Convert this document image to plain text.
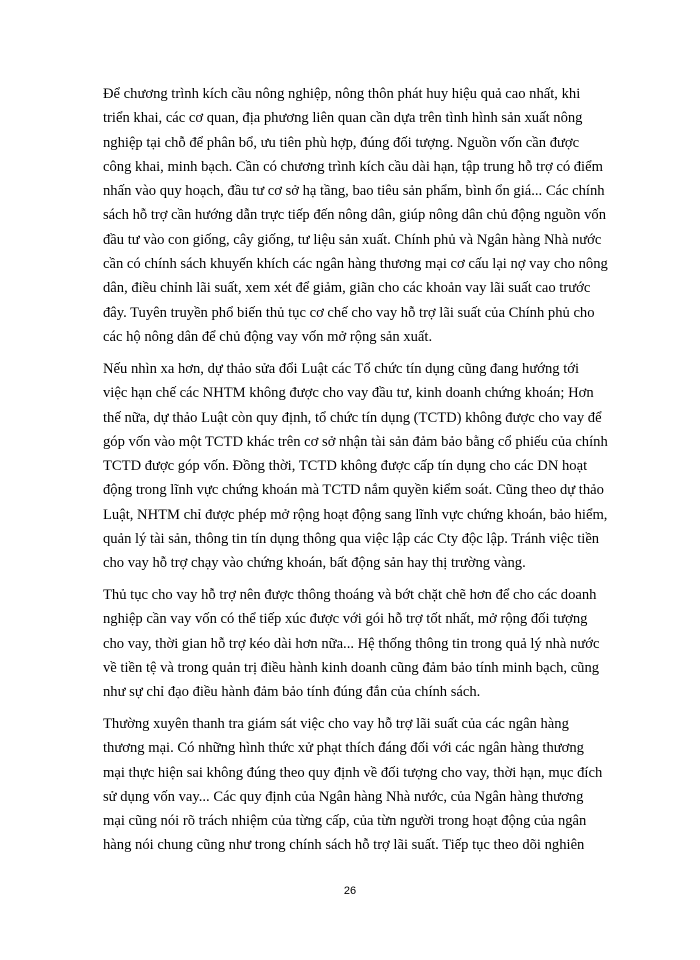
Để chương trình kích cầu nông nghiệp, nông thôn phát huy hiệu quả cao nhất, khi
triển khai, các cơ quan, địa phương liên quan cần dựa trên tình hình sản xuất nông
nghiệp tại chỗ để phân bổ, ưu tiên phù hợp, đúng đối tượng. Nguồn vốn cần được
công khai, minh bạch. Cần có chương trình kích cầu dài hạn, tập trung hỗ trợ có điểm
nhấn vào quy hoạch, đầu tư cơ sở hạ tầng, bao tiêu sản phẩm, bình ổn giá... Các chính
sách hỗ trợ cần hướng dẫn trực tiếp đến nông dân, giúp nông dân chủ động nguồn vốn
đầu tư vào con giống, cây giống, tư liệu sản xuất. Chính phủ và Ngân hàng Nhà nước
cần có chính sách khuyến khích các ngân hàng thương mại cơ cấu lại nợ vay cho nông
dân, điều chỉnh lãi suất, xem xét để giảm, giãn cho các khoản vay lãi suất cao trước
đây. Tuyên truyền phổ biến thủ tục cơ chế cho vay hỗ trợ lãi suất của Chính phủ cho
các hộ nông dân để chủ động vay vốn mở rộng sản xuất.
Nếu nhìn xa hơn, dự thảo sửa đổi Luật các Tổ chức tín dụng cũng đang hướng tới
việc hạn chế các NHTM không được cho vay đầu tư, kinh doanh chứng khoán; Hơn
thế nữa, dự thảo Luật còn quy định, tổ chức tín dụng (TCTD) không được cho vay để
góp vốn vào một TCTD khác trên cơ sở nhận tài sản đảm bảo bằng cổ phiếu của chính
TCTD được góp vốn. Đồng thời, TCTD không được cấp tín dụng cho các DN hoạt
động trong lĩnh vực chứng khoán mà TCTD nắm quyền kiểm soát. Cũng theo dự thảo
Luật, NHTM chỉ được phép mở rộng hoạt động sang lĩnh vực chứng khoán, bảo hiểm,
quản lý tài sản, thông tin tín dụng thông qua việc lập các Cty độc lập. Tránh việc tiền
cho vay hỗ trợ chạy vào chứng khoán, bất động sản hay thị trường vàng.
Thủ tục cho vay hỗ trợ nên được thông thoáng và bớt chặt chẽ hơn để cho các doanh
nghiệp cần vay vốn có thể tiếp xúc được với gói hỗ trợ tốt nhất, mở rộng đối tượng
cho vay, thời gian hỗ trợ kéo dài hơn nữa... Hệ thống thông tin trong quả lý nhà nước
về tiền tệ và trong quản trị điều hành kinh doanh cũng đảm bảo tính minh bạch, cũng
như sự chỉ đạo điều hành đảm bảo tính đúng đắn của chính sách.
Thường xuyên thanh tra giám sát việc cho vay hỗ trợ lãi suất của các ngân hàng
thương mại. Có những hình thức xử phạt thích đáng đối với các ngân hàng thương
mại thực hiện sai không đúng theo quy định về đối tượng cho vay, thời hạn, mục đích
sử dụng vốn vay... Các quy định của Ngân hàng Nhà nước, của Ngân hàng thương
mại cũng nói rõ trách nhiệm của từng cấp, của từn người trong hoạt động của ngân
hàng nói chung cũng như trong chính sách hỗ trợ lãi suất. Tiếp tục theo dõi nghiên
26
